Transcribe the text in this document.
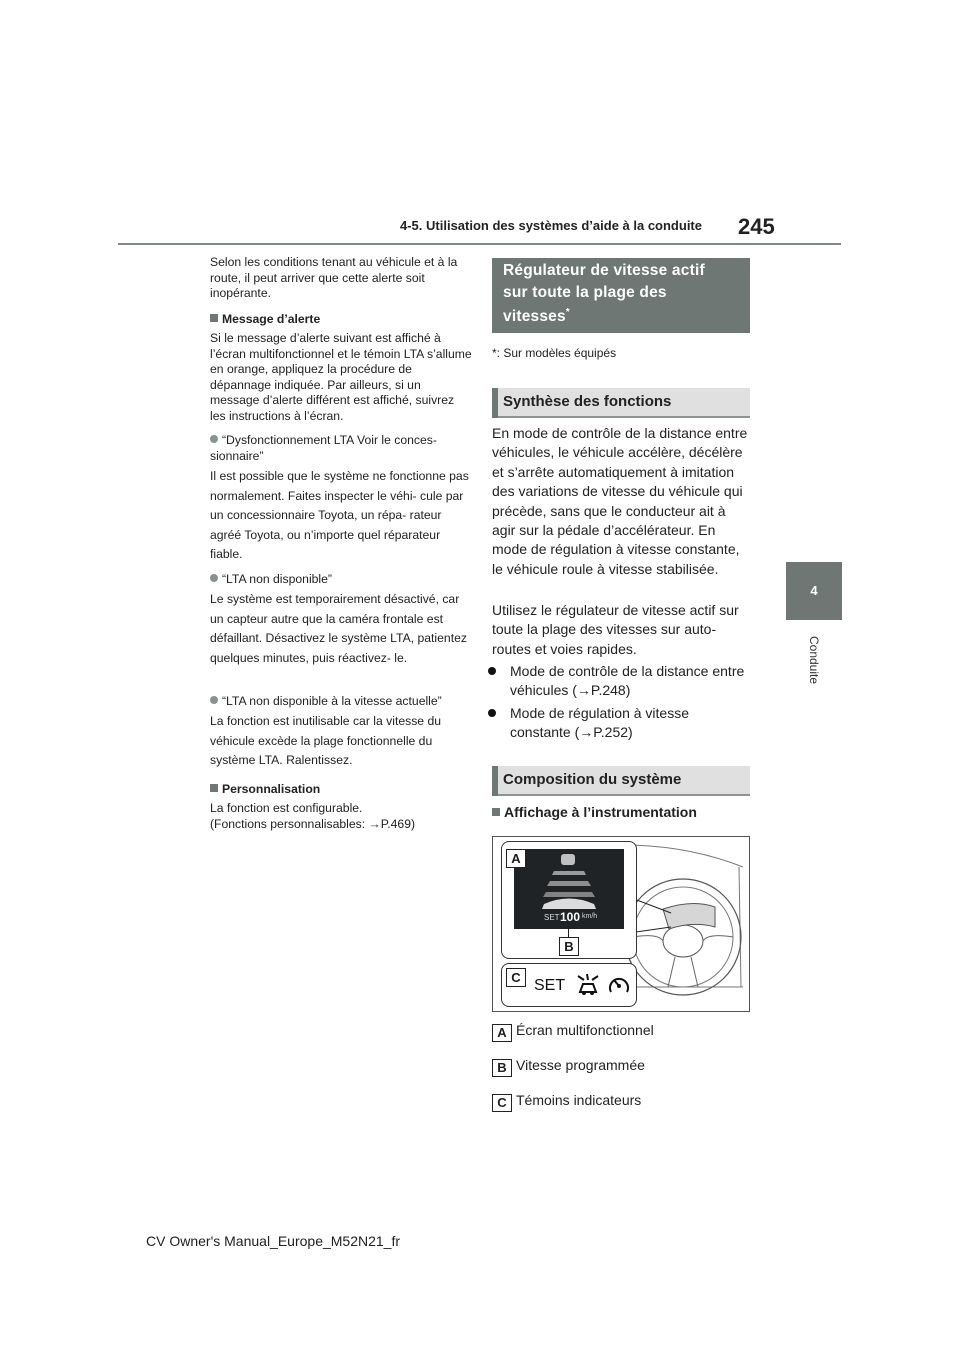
4-5. Utilisation des systèmes d’aide à la conduite 245
4
Conduite

Selon les conditions tenant au véhicule et à la route, il peut arriver que cette alerte soit inopérante.

Message d’alerte

Si le message d’alerte suivant est affiché à l’écran multifonctionnel et le témoin LTA s’allume en orange, appliquez la procédure de dépannage indiquée. Par ailleurs, si un message d’alerte différent est affiché, suivrez les instructions à l’écran.

“Dysfonctionnement LTA Voir le conces- sionnaire”

Il est possible que le système ne fonctionne pas normalement. Faites inspecter le véhi- cule par un concessionnaire Toyota, un répa- rateur agréé Toyota, ou n’importe quel réparateur fiable.

“LTA non disponible”

Le système est temporairement désactivé, car un capteur autre que la caméra frontale est défaillant. Désactivez le système LTA, patientez quelques minutes, puis réactivez- le.

“LTA non disponible à la vitesse actuelle”

La fonction est inutilisable car la vitesse du véhicule excède la plage fonctionnelle du système LTA. Ralentissez.

Personnalisation

La fonction est configurable.

(Fonctions personnalisables: →P.469)

Régulateur de vitesse actif
sur toute la plage des
vitesses*
*: Sur modèles équipés
Synthèse des fonctions

En mode de contrôle de la distance entre véhicules, le véhicule accélère, décélère et s’arrête automatiquement à imitation des variations de vitesse du véhicule qui précède, sans que le conducteur ait à agir sur la pédale d’accélérateur. En mode de régulation à vitesse constante, le véhicule roule à vitesse stabilisée.

Utilisez le régulateur de vitesse actif sur toute la plage des vitesses sur auto- routes et voies rapides.

Mode de contrôle de la distance entre véhicules (→P.248)

Mode de régulation à vitesse constante (→P.252)

Composition du système
Affichage à l’instrumentation
SET 100 km/h
A
B
C SET
A Écran multifonctionnel
B Vitesse programmée
C Témoins indicateurs
CV Owner's Manual_Europe_M52N21_fr
